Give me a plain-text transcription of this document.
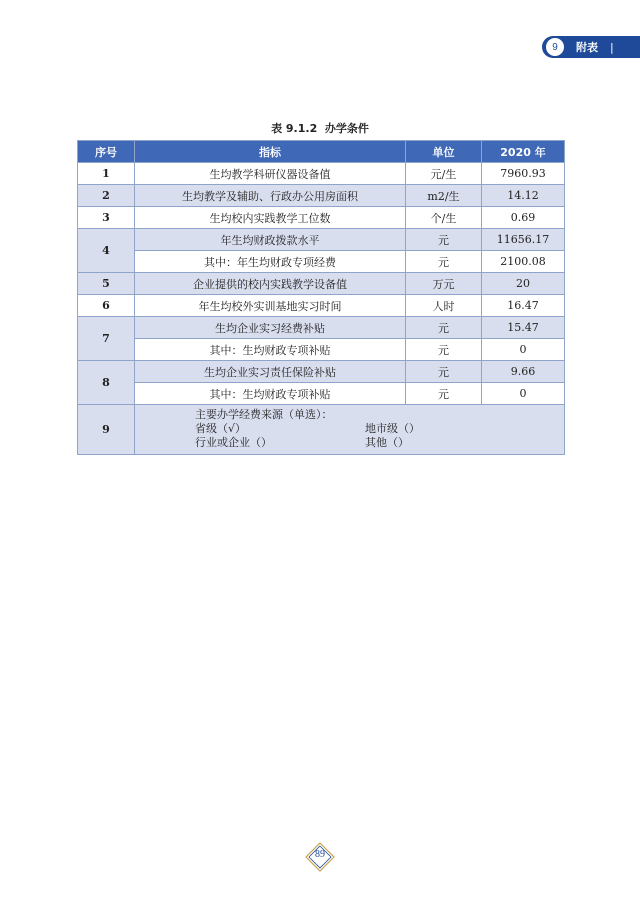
9	附表 |
表 9.1.2 办学条件
序号	指标	单位	2020 年
1	生均教学科研仪器设备值	元/生	7960.93
2	生均教学及辅助、行政办公用房面积	m2/生	14.12
3	生均校内实践教学工位数	个/生	0.69
4	年生均财政拨款水平	元	11656.17
	其中：年生均财政专项经费	元	2100.08
5	企业提供的校内实践教学设备值	万元	20
6	年生均校外实训基地实习时间	人时	16.47
7	生均企业实习经费补贴	元	15.47
	其中：生均财政专项补贴	元	0
8	生均企业实习责任保险补贴	元	9.66
	其中：生均财政专项补贴	元	0
9	主要办学经费来源（单选）：
省级（√） 地市级（）
行业或企业（） 其他（）		
89
